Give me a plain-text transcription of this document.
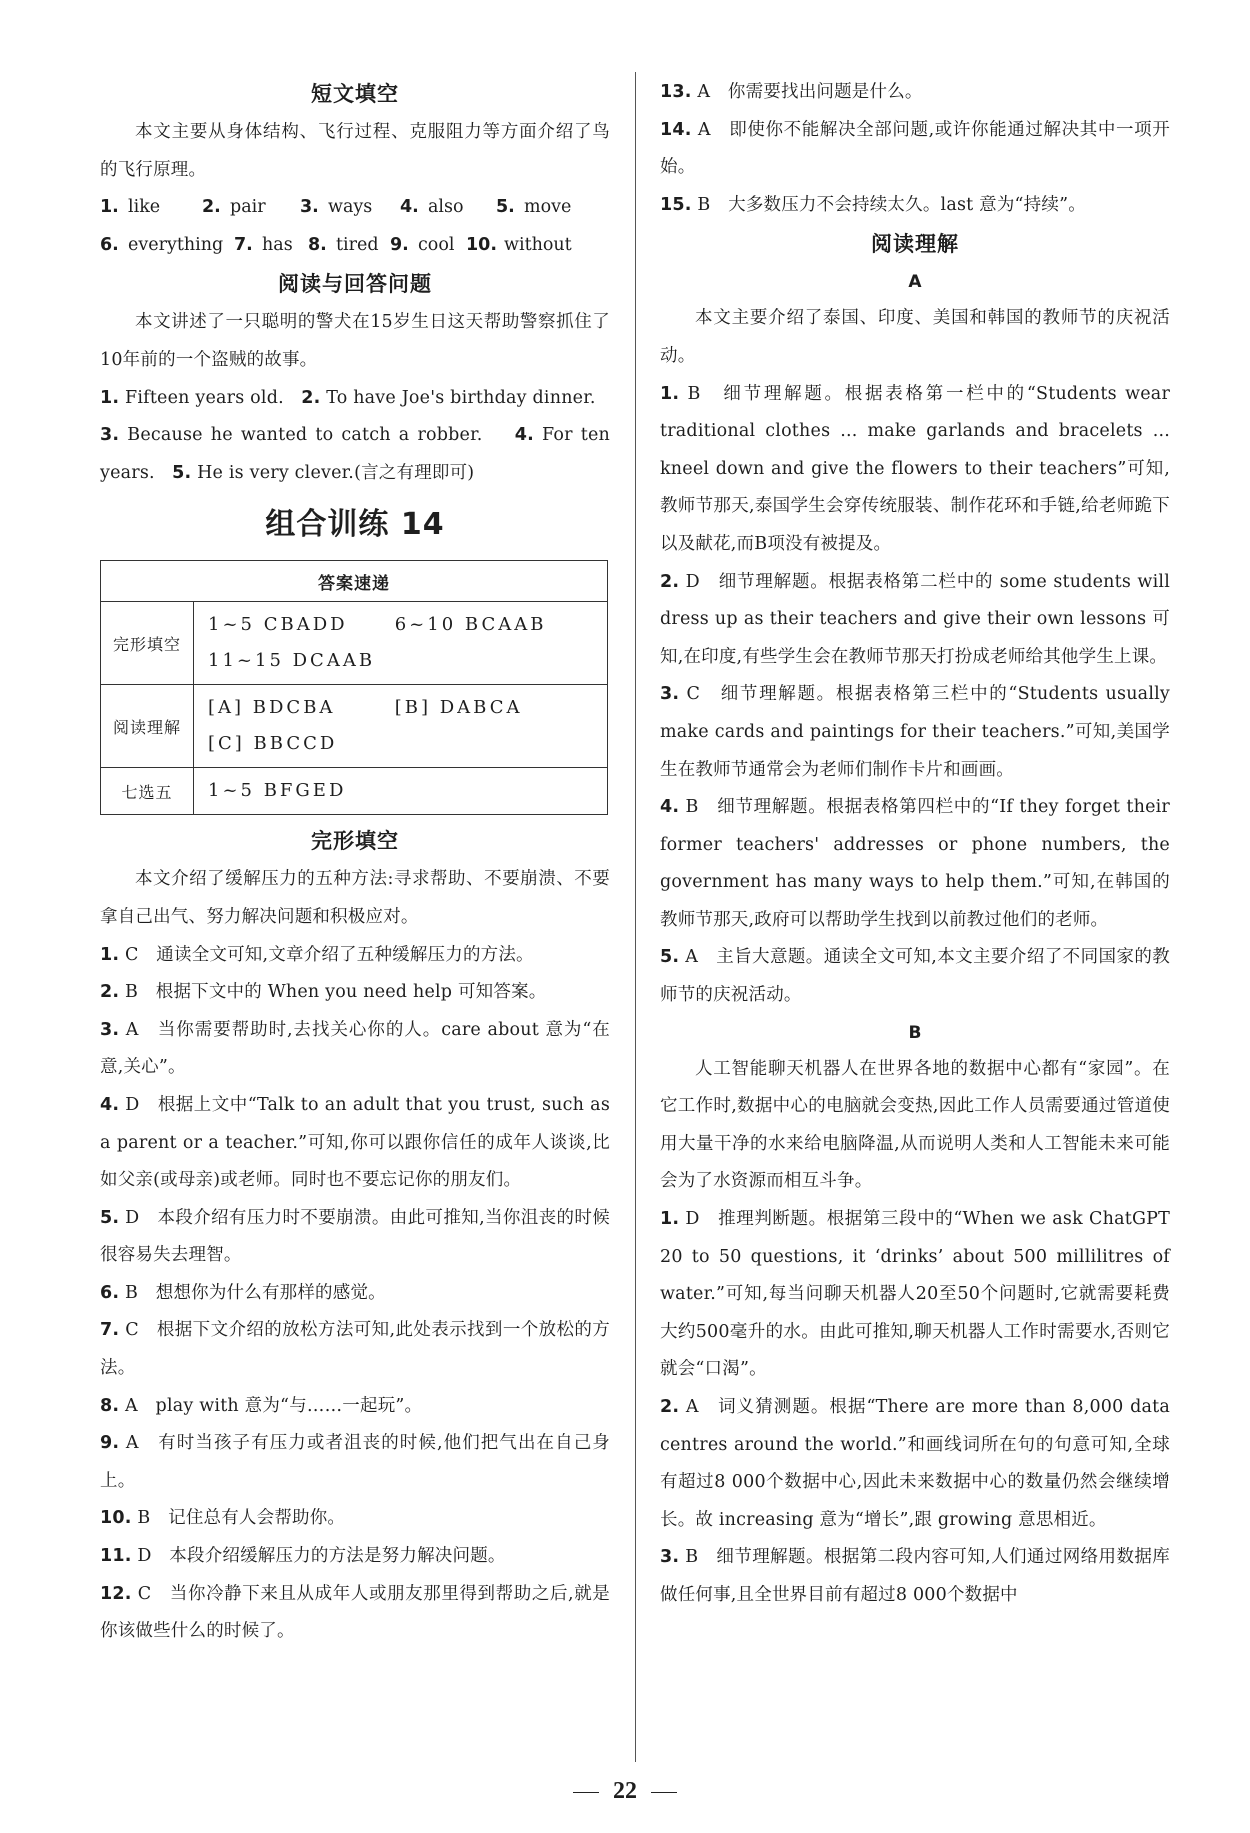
短文填空

本文主要从身体结构、飞行过程、克服阻力等方面介绍了鸟的飞行原理。

1. like	2. pair	3. ways	4. also	5. move
6. everything 7. has 8. tired 9. cool 10. without
阅读与回答问题

本文讲述了一只聪明的警犬在15岁生日这天帮助警察抓住了10年前的一个盗贼的故事。

1. Fifteen years old. 2. To have Joe's birthday dinner.

3. Because he wanted to catch a robber. 4. For ten years. 5. He is very clever.(言之有理即可)

组合训练 14
答案速递	
完形填空	1~5 CBADD 6~10 BCAAB
11~15 DCAAB
阅读理解	[A] BDCBA [B] DABCA
[C] BBCCD
七选五	1~5 BFGED
完形填空

本文介绍了缓解压力的五种方法:寻求帮助、不要崩溃、不要拿自己出气、努力解决问题和积极应对。

1. C　通读全文可知,文章介绍了五种缓解压力的方法。

2. B　根据下文中的 When you need help 可知答案。

3. A　当你需要帮助时,去找关心你的人。care about 意为“在意,关心”。

4. D　根据上文中“Talk to an adult that you trust, such as a parent or a teacher.”可知,你可以跟你信任的成年人谈谈,比如父亲(或母亲)或老师。同时也不要忘记你的朋友们。

5. D　本段介绍有压力时不要崩溃。由此可推知,当你沮丧的时候很容易失去理智。

6. B　想想你为什么有那样的感觉。

7. C　根据下文介绍的放松方法可知,此处表示找到一个放松的方法。

8. A　play with 意为“与……一起玩”。

9. A　有时当孩子有压力或者沮丧的时候,他们把气出在自己身上。

10. B　记住总有人会帮助你。

11. D　本段介绍缓解压力的方法是努力解决问题。

12. C　当你冷静下来且从成年人或朋友那里得到帮助之后,就是你该做些什么的时候了。

13. A　你需要找出问题是什么。

14. A　即使你不能解决全部问题,或许你能通过解决其中一项开始。

15. B　大多数压力不会持续太久。last 意为“持续”。

阅读理解
A

本文主要介绍了泰国、印度、美国和韩国的教师节的庆祝活动。

1. B　细节理解题。根据表格第一栏中的“Students wear traditional clothes ... make garlands and bracelets ... kneel down and give the flowers to their teachers”可知,教师节那天,泰国学生会穿传统服装、制作花环和手链,给老师跪下以及献花,而B项没有被提及。

2. D　细节理解题。根据表格第二栏中的 some students will dress up as their teachers and give their own lessons 可知,在印度,有些学生会在教师节那天打扮成老师给其他学生上课。

3. C　细节理解题。根据表格第三栏中的“Students usually make cards and paintings for their teachers.”可知,美国学生在教师节通常会为老师们制作卡片和画画。

4. B　细节理解题。根据表格第四栏中的“If they forget their former teachers' addresses or phone numbers, the government has many ways to help them.”可知,在韩国的教师节那天,政府可以帮助学生找到以前教过他们的老师。

5. A　主旨大意题。通读全文可知,本文主要介绍了不同国家的教师节的庆祝活动。

B

人工智能聊天机器人在世界各地的数据中心都有“家园”。在它工作时,数据中心的电脑就会变热,因此工作人员需要通过管道使用大量干净的水来给电脑降温,从而说明人类和人工智能未来可能会为了水资源而相互斗争。

1. D　推理判断题。根据第三段中的“When we ask ChatGPT 20 to 50 questions, it ‘drinks’ about 500 millilitres of water.”可知,每当问聊天机器人20至50个问题时,它就需要耗费大约500毫升的水。由此可推知,聊天机器人工作时需要水,否则它就会“口渴”。

2. A　词义猜测题。根据“There are more than 8,000 data centres around the world.”和画线词所在句的句意可知,全球有超过8 000个数据中心,因此未来数据中心的数量仍然会继续增长。故 increasing 意为“增长”,跟 growing 意思相近。

3. B　细节理解题。根据第二段内容可知,人们通过网络用数据库做任何事,且全世界目前有超过8 000个数据中

22
